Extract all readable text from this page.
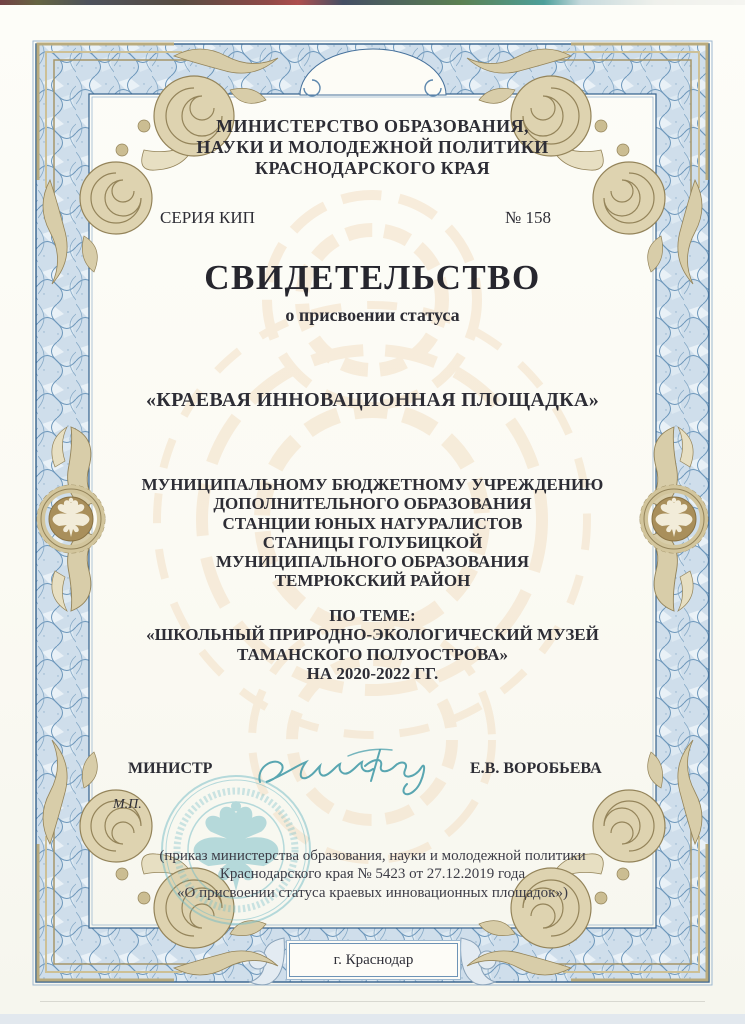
МИНИСТЕРСТВО ОБРАЗОВАНИЯ,
НАУКИ И МОЛОДЕЖНОЙ ПОЛИТИКИ
КРАСНОДАРСКОГО КРАЯ
СЕРИЯ КИП	№ 158
СВИДЕТЕЛЬСТВО
о присвоении статуса
«КРАЕВАЯ ИННОВАЦИОННАЯ ПЛОЩАДКА»
МУНИЦИПАЛЬНОМУ БЮДЖЕТНОМУ УЧРЕЖДЕНИЮ
ДОПОЛНИТЕЛЬНОГО ОБРАЗОВАНИЯ
СТАНЦИИ ЮНЫХ НАТУРАЛИСТОВ
СТАНИЦЫ ГОЛУБИЦКОЙ
МУНИЦИПАЛЬНОГО ОБРАЗОВАНИЯ
ТЕМРЮКСКИЙ РАЙОН
ПО ТЕМЕ:
«ШКОЛЬНЫЙ ПРИРОДНО-ЭКОЛОГИЧЕСКИЙ МУЗЕЙ
ТАМАНСКОГО ПОЛУОСТРОВА»
НА 2020-2022 ГГ.
МИНИСТР	Е.В. ВОРОБЬЕВА
М.П.
(приказ министерства образования, науки и молодежной политики
Краснодарского края № 5423 от 27.12.2019 года
«О присвоении статуса краевых инновационных площадок»)
г. Краснодар
